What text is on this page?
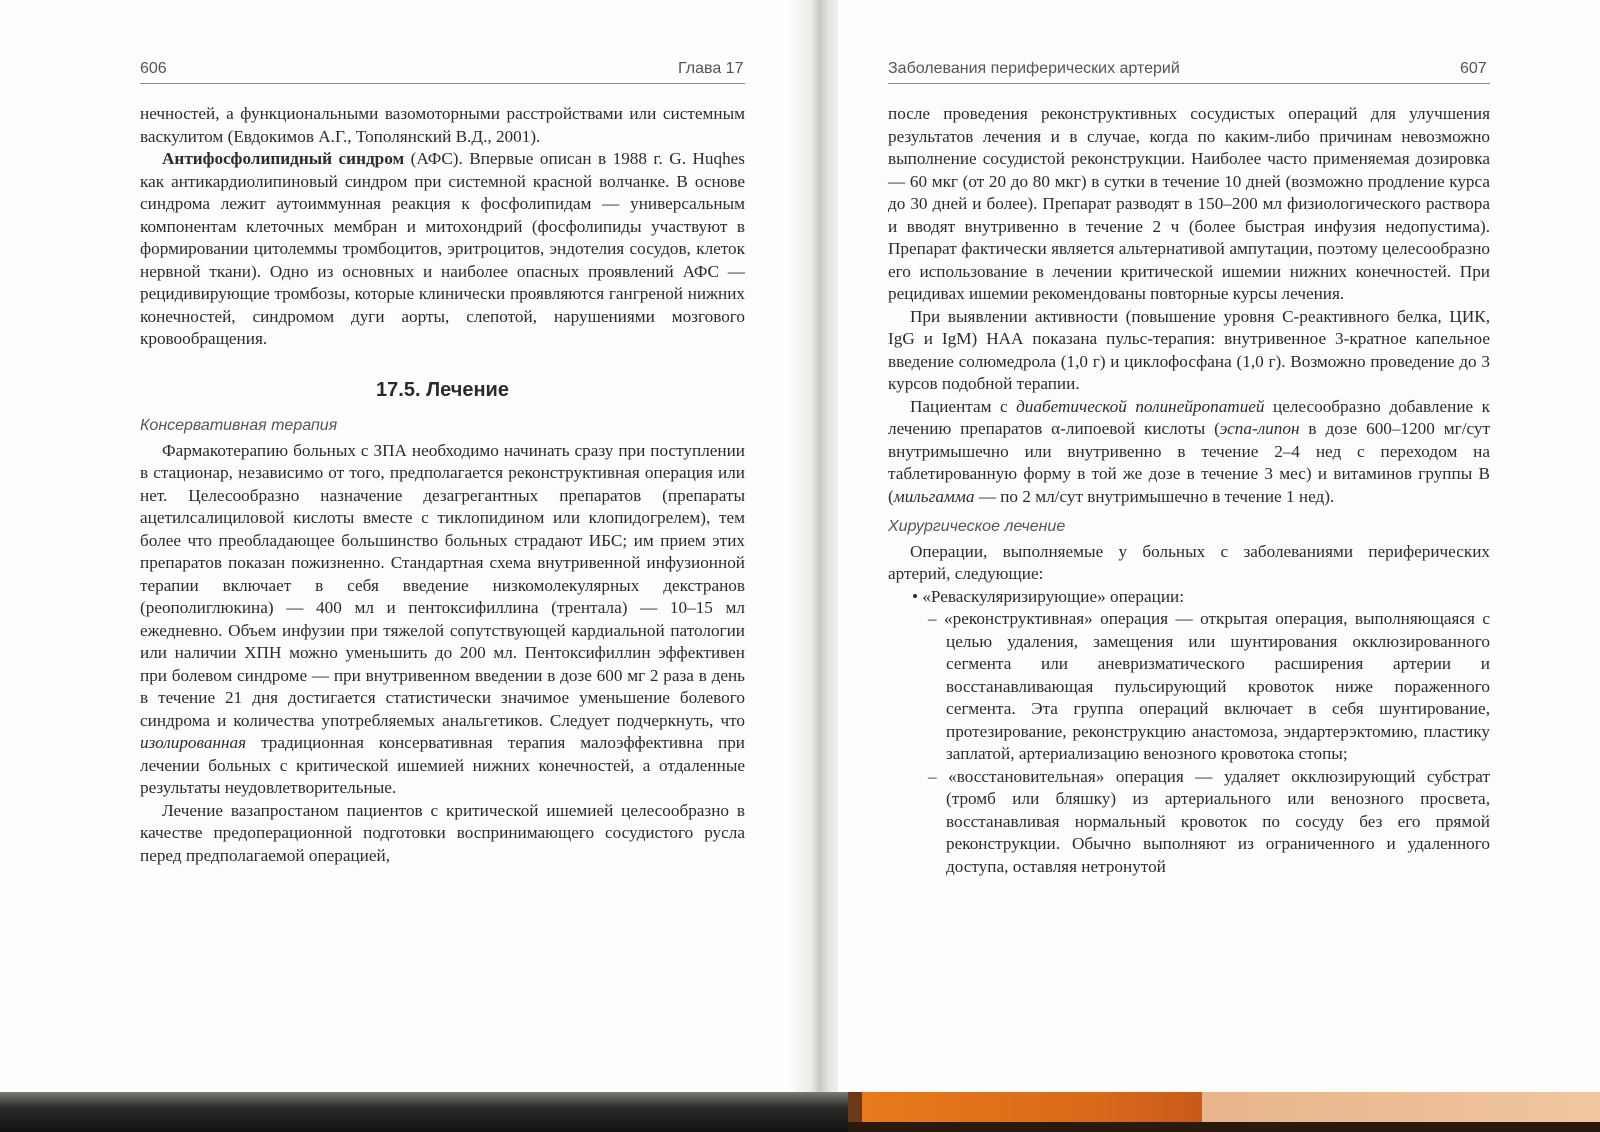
606	Глава 17

нечностей, а функциональными вазомоторными расстройствами или системным васкулитом (Евдокимов А.Г., Тополянский В.Д., 2001).

Антифосфолипидный синдром (АФС). Впервые описан в 1988 г. G. Huqhes как антикардиолипиновый синдром при системной красной волчанке. В основе синдрома лежит аутоиммунная реакция к фосфолипидам — универсальным компонентам клеточных мембран и митохондрий (фосфолипиды участвуют в формировании цитолеммы тромбоцитов, эритроцитов, эндотелия сосудов, клеток нервной ткани). Одно из основных и наиболее опасных проявлений АФС — рецидивирующие тромбозы, которые клинически проявляются гангреной нижних конечностей, синдромом дуги аорты, слепотой, нарушениями мозгового кровообращения.

17.5. Лечение
Консервативная терапия

Фармакотерапию больных с ЗПА необходимо начинать сразу при поступлении в стационар, независимо от того, предполагается реконструктивная операция или нет. Целесообразно назначение дезагрегантных препаратов (препараты ацетилсалициловой кислоты вместе с тиклопидином или клопидогрелем), тем более что преобладающее большинство больных страдают ИБС; им прием этих препаратов показан пожизненно. Стандартная схема внутривенной инфузионной терапии включает в себя введение низкомолекулярных декстранов (реополиглюкина) — 400 мл и пентоксифиллина (трентала) — 10–15 мл ежедневно. Объем инфузии при тяжелой сопутствующей кардиальной патологии или наличии ХПН можно уменьшить до 200 мл. Пентоксифиллин эффективен при болевом синдроме — при внутривенном введении в дозе 600 мг 2 раза в день в течение 21 дня достигается статистически значимое уменьшение болевого синдрома и количества употребляемых анальгетиков. Следует подчеркнуть, что изолированная традиционная консервативная терапия малоэффективна при лечении больных с критической ишемией нижних конечностей, а отдаленные результаты неудовлетворительные.

Лечение вазапростаном пациентов с критической ишемией целесообразно в качестве предоперационной подготовки воспринимающего сосудистого русла перед предполагаемой операцией,

Заболевания периферических артерий	607

после проведения реконструктивных сосудистых операций для улучшения результатов лечения и в случае, когда по каким-либо причинам невозможно выполнение сосудистой реконструкции. Наиболее часто применяемая дозировка — 60 мкг (от 20 до 80 мкг) в сутки в течение 10 дней (возможно продление курса до 30 дней и более). Препарат разводят в 150–200 мл физиологического раствора и вводят внутривенно в течение 2 ч (более быстрая инфузия недопустима). Препарат фактически является альтернативой ампутации, поэтому целесообразно его использование в лечении критической ишемии нижних конечностей. При рецидивах ишемии рекомендованы повторные курсы лечения.

При выявлении активности (повышение уровня С-реактивного белка, ЦИК, IgG и IgM) НАА показана пульс-терапия: внутривенное 3-кратное капельное введение солюмедрола (1,0 г) и циклофосфана (1,0 г). Возможно проведение до 3 курсов подобной терапии.

Пациентам с диабетической полинейропатией целесообразно добавление к лечению препаратов α-липоевой кислоты (эспа-липон в дозе 600–1200 мг/сут внутримышечно или внутривенно в течение 2–4 нед с переходом на таблетированную форму в той же дозе в течение 3 мес) и витаминов группы В (мильгамма — по 2 мл/сут внутримышечно в течение 1 нед).

Хирургическое лечение

Операции, выполняемые у больных с заболеваниями периферических артерий, следующие:

• «Реваскуляризирующие» операции:

– «реконструктивная» операция — открытая операция, выполняющаяся с целью удаления, замещения или шунтирования окклюзированного сегмента или аневризматического расширения артерии и восстанавливающая пульсирующий кровоток ниже пораженного сегмента. Эта группа операций включает в себя шунтирование, протезирование, реконструкцию анастомоза, эндартерэктомию, пластику заплатой, артериализацию венозного кровотока стопы;

– «восстановительная» операция — удаляет окклюзирующий субстрат (тромб или бляшку) из артериального или венозного просвета, восстанавливая нормальный кровоток по сосуду без его прямой реконструкции. Обычно выполняют из ограниченного и удаленного доступа, оставляя нетронутой
